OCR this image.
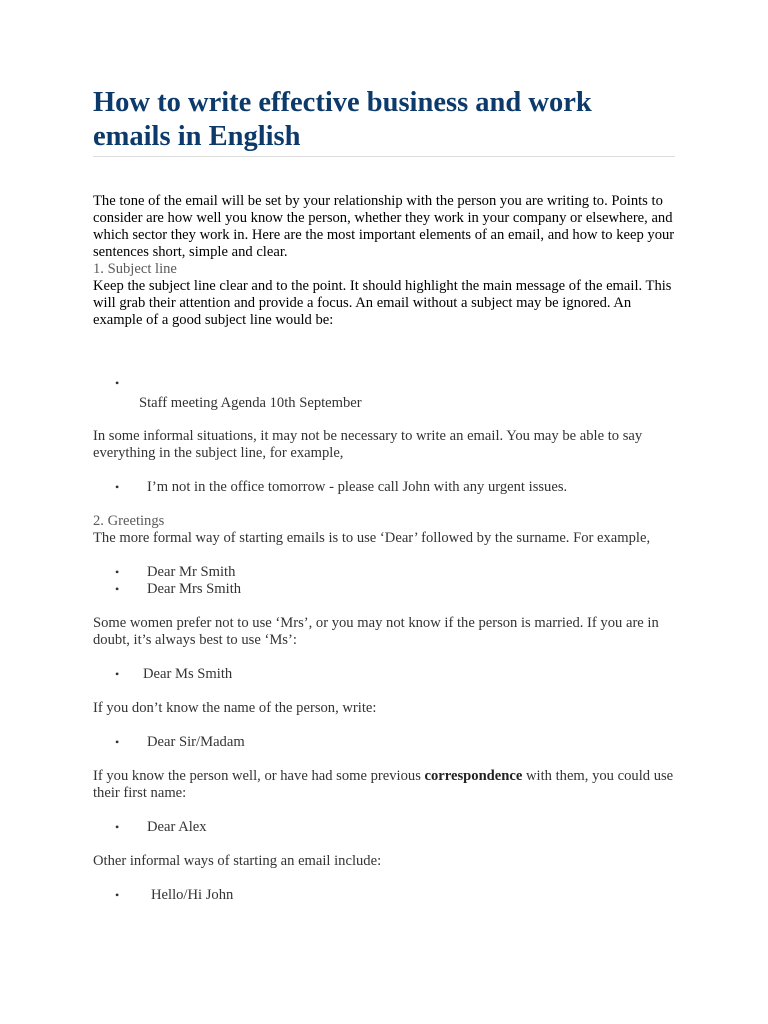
How to write effective business and work emails in English

The tone of the email will be set by your relationship with the person you are writing to. Points to consider are how well you know the person, whether they work in your company or elsewhere, and which sector they work in. Here are the most important elements of an email, and how to keep your sentences short, simple and clear.

1. Subject line

Keep the subject line clear and to the point. It should highlight the main message of the email. This will grab their attention and provide a focus. An email without a subject may be ignored. An example of a good subject line would be:

•
Staff meeting Agenda 10th September

In some informal situations, it may not be necessary to write an email. You may be able to say everything in the subject line, for example,

• I’m not in the office tomorrow - please call John with any urgent issues.

2. Greetings

The more formal way of starting emails is to use ‘Dear’ followed by the surname. For example,

• Dear Mr Smith
• Dear Mrs Smith

Some women prefer not to use ‘Mrs’, or you may not know if the person is married. If you are in doubt, it’s always best to use ‘Ms’:

• Dear Ms Smith

If you don’t know the name of the person, write:

• Dear Sir/Madam

If you know the person well, or have had some previous correspondence with them, you could use their first name:

• Dear Alex

Other informal ways of starting an email include:

• Hello/Hi John
